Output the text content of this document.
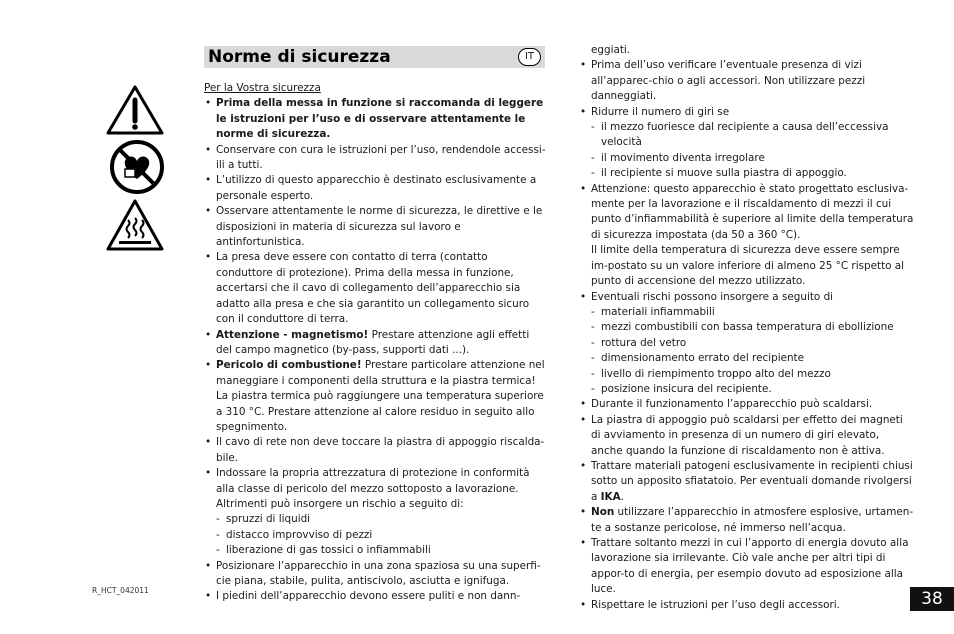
Norme di sicurezza	IT

Per la Vostra sicurezza

• Prima della messa in funzione si raccomanda di leggere le istruzioni per l’uso e di osservare attentamente le norme di sicurezza.
• Conservare con cura le istruzioni per l’uso, rendendole accessi-ili a tutti.
• L’utilizzo di questo apparecchio è destinato esclusivamente a personale esperto.
• Osservare attentamente le norme di sicurezza, le direttive e le disposizioni in materia di sicurezza sul lavoro e antinfortunistica.
• La presa deve essere con contatto di terra (contatto conduttore di protezione). Prima della messa in funzione, accertarsi che il cavo di collegamento dell’apparecchio sia adatto alla presa e che sia garantito un collegamento sicuro con il conduttore di terra.
• Attenzione - magnetismo! Prestare attenzione agli effetti del campo magnetico (by-pass, supporti dati ...).
• Pericolo di combustione! Prestare particolare attenzione nel maneggiare i componenti della struttura e la piastra termica! La piastra termica può raggiungere una temperatura superiore a 310 °C. Prestare attenzione al calore residuo in seguito allo spegnimento.
• Il cavo di rete non deve toccare la piastra di appoggio riscalda-bile.
• Indossare la propria attrezzatura di protezione in conformità alla classe di pericolo del mezzo sottoposto a lavorazione. Altrimenti può insorgere un rischio a seguito di:
- spruzzi di liquidi
- distacco improvviso di pezzi
- liberazione di gas tossici o infiammabili
• Posizionare l’apparecchio in una zona spaziosa su una superfi-cie piana, stabile, pulita, antiscivolo, asciutta e ignifuga.
• I piedini dell’apparecchio devono essere puliti e non dann-
eggiati.
• Prima dell’uso verificare l’eventuale presenza di vizi all’apparec-chio o agli accessori. Non utilizzare pezzi danneggiati.
• Ridurre il numero di giri se
- il mezzo fuoriesce dal recipiente a causa dell’eccessiva velocità
- il movimento diventa irregolare
- il recipiente si muove sulla piastra di appoggio.
• Attenzione: questo apparecchio è stato progettato esclusiva-mente per la lavorazione e il riscaldamento di mezzi il cui punto d’infiammabilità è superiore al limite della temperatura di sicurezza impostata (da 50 a 360 °C).
Il limite della temperatura di sicurezza deve essere sempre im-postato su un valore inferiore di almeno 25 °C rispetto al punto di accensione del mezzo utilizzato.
• Eventuali rischi possono insorgere a seguito di
- materiali infiammabili
- mezzi combustibili con bassa temperatura di ebollizione
- rottura del vetro
- dimensionamento errato del recipiente
- livello di riempimento troppo alto del mezzo
- posizione insicura del recipiente.
• Durante il funzionamento l’apparecchio può scaldarsi.
• La piastra di appoggio può scaldarsi per effetto dei magneti di avviamento in presenza di un numero di giri elevato, anche quando la funzione di riscaldamento non è attiva.
• Trattare materiali patogeni esclusivamente in recipienti chiusi sotto un apposito sfiatatoio. Per eventuali domande rivolgersi a IKA.
• Non utilizzare l’apparecchio in atmosfere esplosive, urtamen-te a sostanze pericolose, né immerso nell’acqua.
• Trattare soltanto mezzi in cui l’apporto di energia dovuto alla lavorazione sia irrilevante. Ciò vale anche per altri tipi di appor-to di energia, per esempio dovuto ad esposizione alla luce.
• Rispettare le istruzioni per l’uso degli accessori.
R_HCT_042011	38
